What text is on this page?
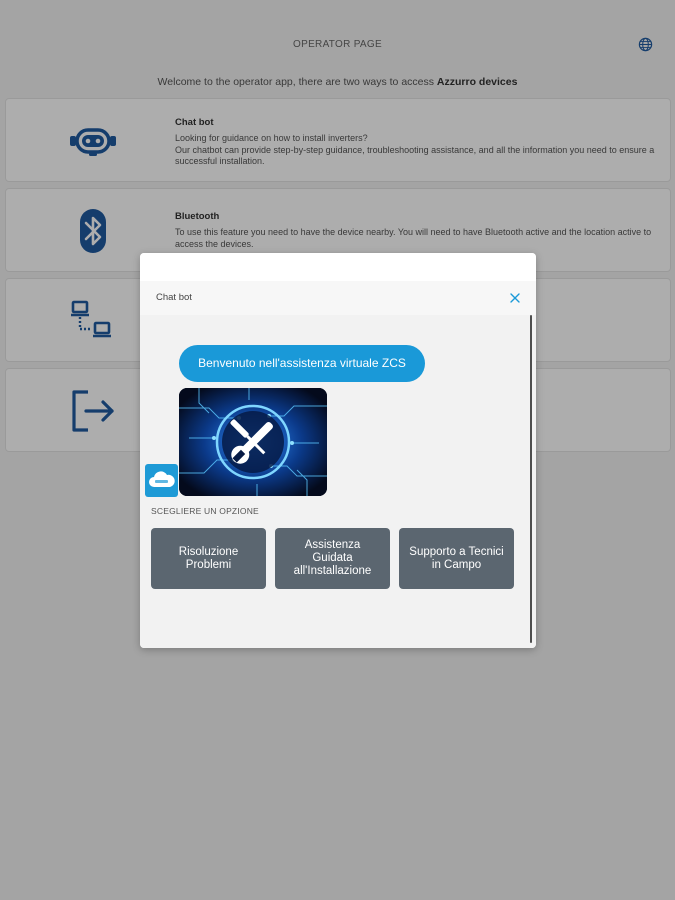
OPERATOR PAGE
Welcome to the operator app, there are two ways to access Azzurro devices
Chat bot
Looking for guidance on how to install inverters?
Our chatbot can provide step-by-step guidance, troubleshooting assistance, and all the information you need to ensure a successful installation.
Bluetooth
To use this feature you need to have the device nearby. You will need to have Bluetooth active and the location active to access the devices.
Chat bot
Benvenuto nell'assistenza virtuale ZCS
SCEGLIERE UN OPZIONE
Risoluzione Problemi
Assistenza Guidata all'Installazione
Supporto a Tecnici in Campo
